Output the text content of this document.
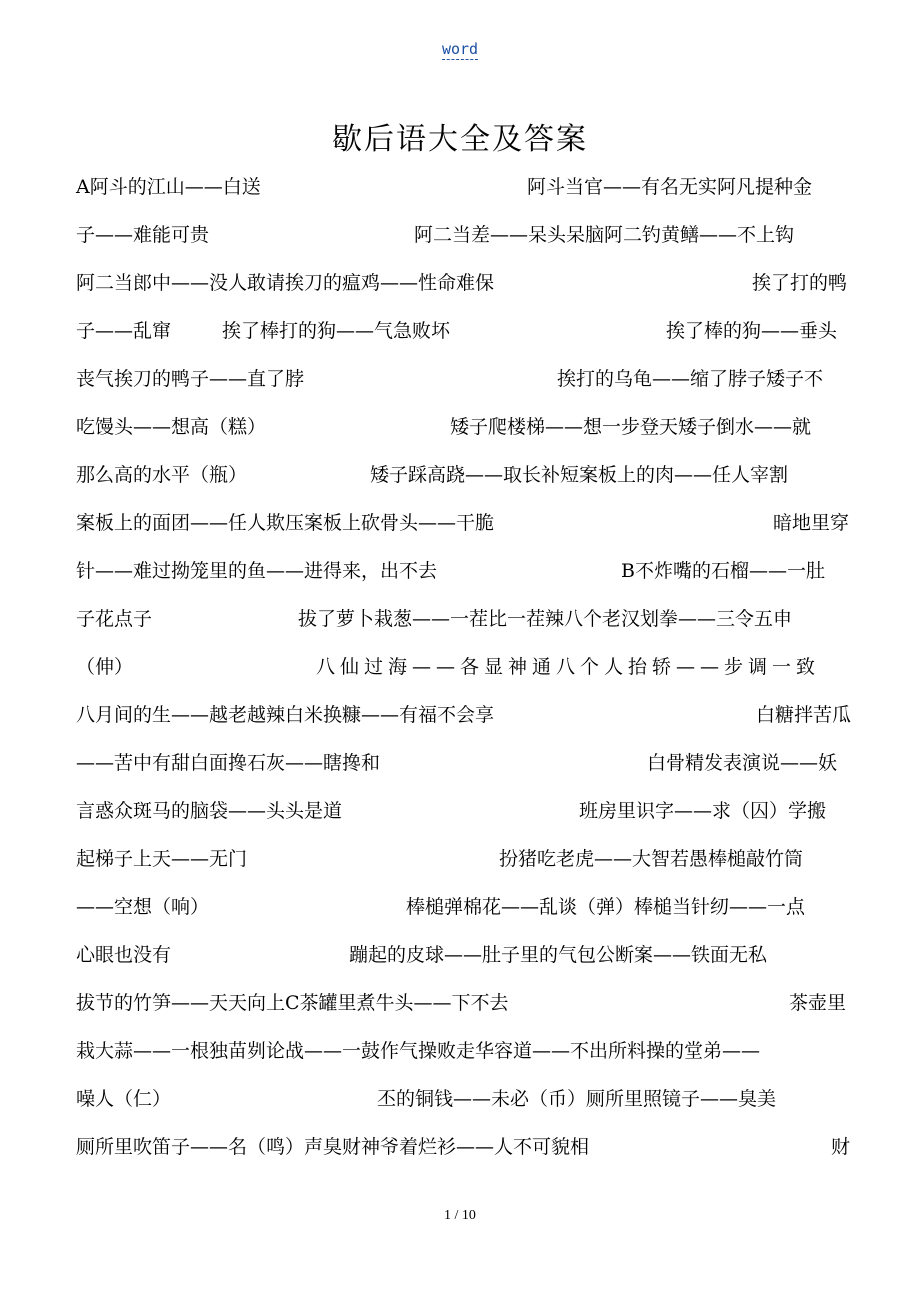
word
歇后语大全及答案
A阿斗的江山——白送	阿斗当官——有名无实阿凡提种金
子——难能可贵	阿二当差——呆头呆脑阿二钓黄鳝——不上钩
阿二当郎中——没人敢请挨刀的瘟鸡——性命难保	挨了打的鸭
子——乱窜	挨了棒打的狗——气急败坏	挨了棒的狗——垂头
丧气挨刀的鸭子——直了脖	挨打的乌龟——缩了脖子矮子不
吃馒头——想高（糕）	矮子爬楼梯——想一步登天矮子倒水——就
那么高的水平（瓶）	矮子踩高跷——取长补短案板上的肉——任人宰割
案板上的面团——任人欺压案板上砍骨头——干脆	暗地里穿
针——难过拗笼里的鱼——进得来，出不去	B不炸嘴的石榴——一肚
子花点子	拔了萝卜栽葱——一茬比一茬辣八个老汉划拳——三令五申
（伸）	八仙过海——各显神通八个人抬轿——步调一致
八月间的生——越老越辣白米换糠——有福不会享	白糖拌苦瓜
——苦中有甜白面搀石灰——瞎搀和	白骨精发表演说——妖
言惑众斑马的脑袋——头头是道	班房里识字——求（囚）学搬
起梯子上天——无门	扮猪吃老虎——大智若愚棒槌敲竹筒
——空想（响）	棒槌弹棉花——乱谈（弹）棒槌当针纫——一点
心眼也没有	蹦起的皮球——肚子里的气包公断案——铁面无私
拔节的竹笋——天天向上C茶罐里煮牛头——下不去	茶壶里
栽大蒜——一根独苗刿论战——一鼓作气操败走华容道——不出所料操的堂弟——
噪人（仁）	丕的铜钱——未必（币）厕所里照镜子——臭美
厕所里吹笛子——名（鸣）声臭财神爷着烂衫——人不可貌相	财
1 / 10
